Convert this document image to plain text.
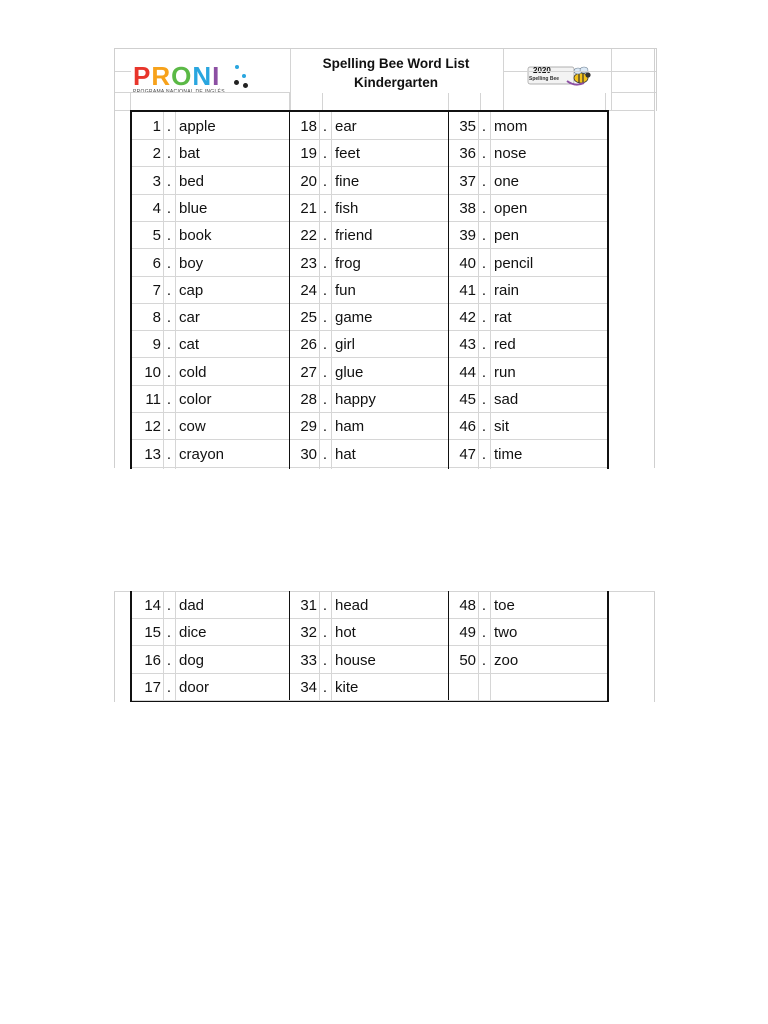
PRONI	Spelling Bee Word List
Kindergarten	Spelling Bee
1 . apple	18 . ear	35 . mom
2 . bat	19 . feet	36 . nose
3 . bed	20 . fine	37 . one
4 . blue	21 . fish	38 . open
5 . book	22 . friend	39 . pen
6 . boy	23 . frog	40 . pencil
7 . cap	24 . fun	41 . rain
8 . car	25 . game	42 . rat
9 . cat	26 . girl	43 . red
10 . cold	27 . glue	44 . run
11 . color	28 . happy	45 . sad
12 . cow	29 . ham	46 . sit
13 . crayon	30 . hat	47 . time
14 . dad	31 . head	48 . toe
15 . dice	32 . hot	49 . two
16 . dog	33 . house	50 . zoo
17 . door	34 . kite
